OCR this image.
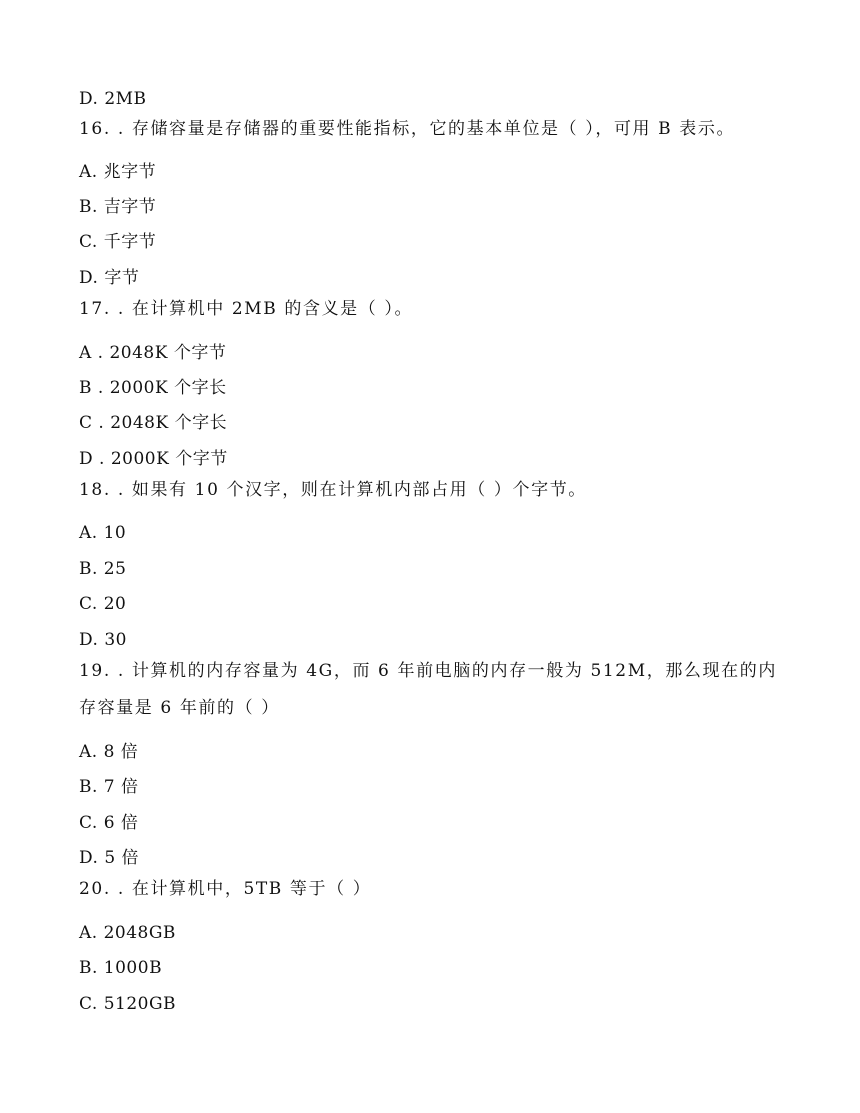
D. 2MB
16. . 存储容量是存储器的重要性能指标，它的基本单位是（ ），可用 B 表示。
A. 兆字节
B. 吉字节
C. 千字节
D. 字节
17. . 在计算机中 2MB 的含义是（ ）。
A . 2048K 个字节
B . 2000K 个字长
C . 2048K 个字长
D . 2000K 个字节
18. . 如果有 10 个汉字，则在计算机内部占用（ ）个字节。
A. 10
B. 25
C. 20
D. 30
19. . 计算机的内存容量为 4G，而 6 年前电脑的内存一般为 512M，那么现在的内
存容量是 6 年前的（ ）
A. 8 倍
B. 7 倍
C. 6 倍
D. 5 倍
20. . 在计算机中，5TB 等于（ ）
A. 2048GB
B. 1000B
C. 5120GB
